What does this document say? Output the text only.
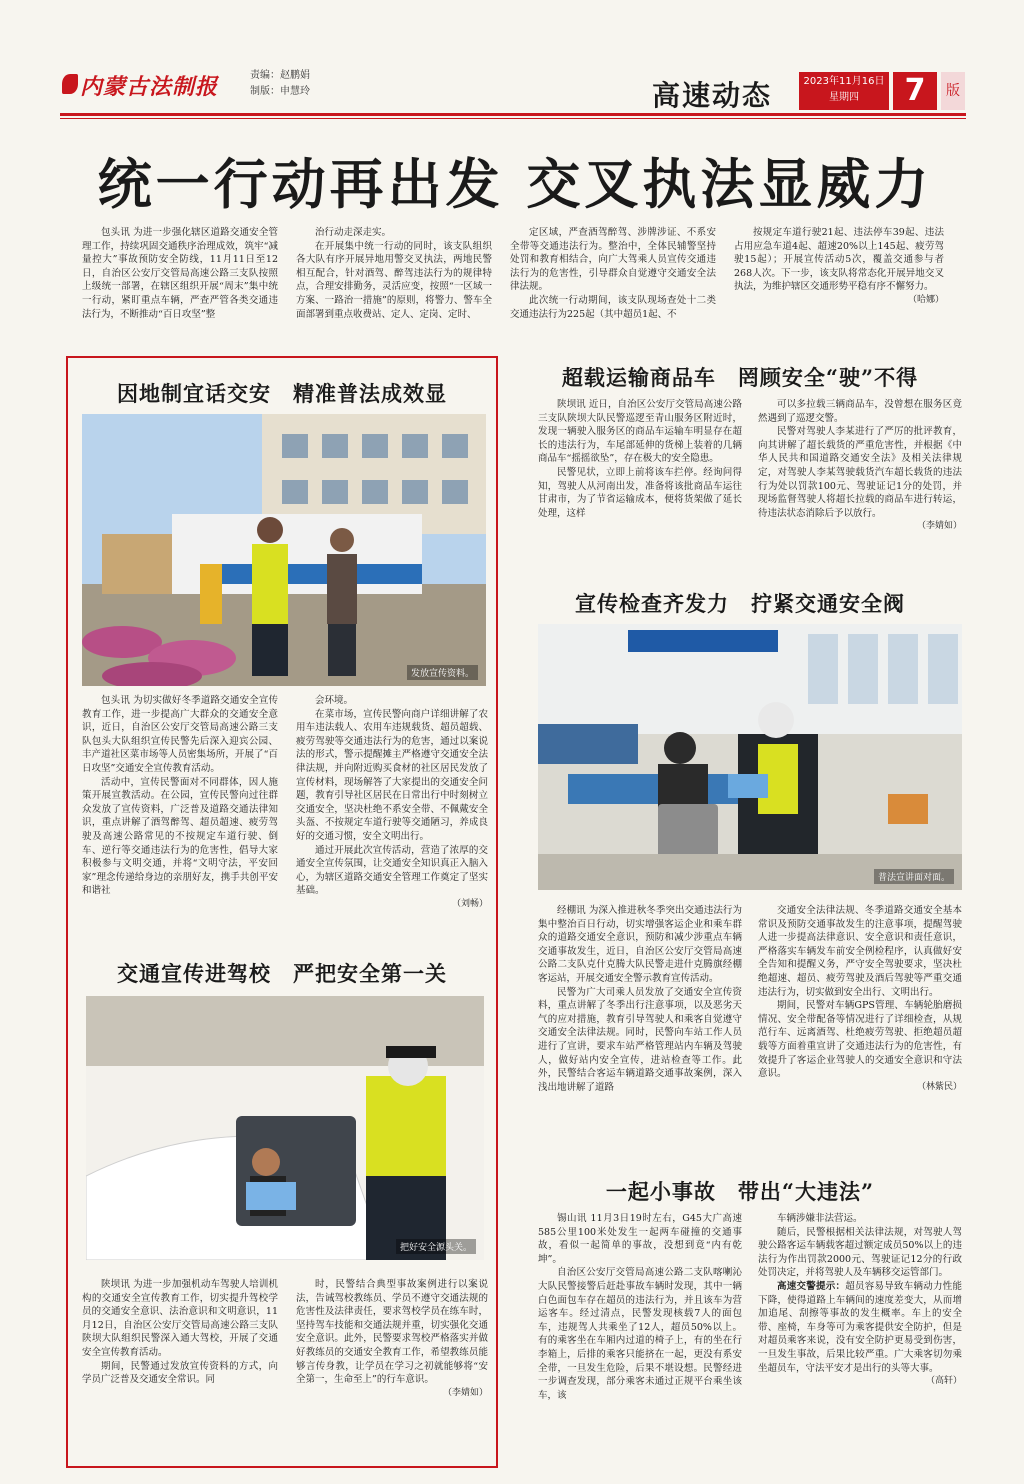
内蒙古法制报	责编：赵鹏娟
制版：申慧玲	高速动态	2023年11月16日
星期四	7	版
统一行动再出发 交叉执法显威力

包头讯 为进一步强化辖区道路交通安全管理工作，持续巩固交通秩序治理成效，筑牢“减量控大”事故预防安全防线，11月11日至12日，自治区公安厅交管局高速公路三支队按照上级统一部署，在辖区组织开展“周末”集中统一行动，紧盯重点车辆，严查严管各类交通违法行为，不断推动“百日攻坚”整

治行动走深走实。
在开展集中统一行动的同时，该支队组织各大队有序开展异地用警交叉执法，两地民警相互配合，针对酒驾、醉驾违法行为的规律特点，合理安排勤务，灵活应变，按照“一区域一方案、一路治一措施”的原则，将警力、警车全面部署到重点收费站、定人、定岗、定时、

定区域，严查酒驾醉驾、涉牌涉证、不系安全带等交通违法行为。整治中，全体民辅警坚持处罚和教育相结合，向广大驾乘人员宣传交通违法行为的危害性，引导群众自觉遵守交通安全法律法规。
此次统一行动期间，该支队现场查处十二类交通违法行为225起（其中超员1起、不

按规定车道行驶21起、违法停车39起、违法占用应急车道4起、超速20%以上145起、疲劳驾驶15起）；开展宣传活动5次，覆盖交通参与者268人次。下一步，该支队将常态化开展异地交叉执法，为维护辖区交通形势平稳有序不懈努力。

（哈娜）
因地制宜话交安　精准普法成效显
发放宣传资料。

包头讯 为切实做好冬季道路交通安全宣传教育工作，进一步提高广大群众的交通安全意识，近日，自治区公安厅交管局高速公路三支队包头大队组织宣传民警先后深入迎宾公园、丰产道社区菜市场等人员密集场所，开展了“百日攻坚”交通安全宣传教育活动。
活动中，宣传民警面对不同群体，因人施策开展宣教活动。在公园，宣传民警向过往群众发放了宣传资料，广泛普及道路交通法律知识，重点讲解了酒驾醉驾、超员超速、疲劳驾驶及高速公路常见的不按规定车道行驶、倒车、逆行等交通违法行为的危害性，倡导大家积极参与文明交通，并将“文明守法，平安回家”理念传递给身边的亲朋好友，携手共创平安和谐社

会环境。
在菜市场，宣传民警向商户详细讲解了农用车违法载人、农用车违规载货、超员超载、疲劳驾驶等交通违法行为的危害，通过以案说法的形式，警示提醒摊主严格遵守交通安全法律法规，并向附近购买食材的社区居民发放了宣传材料，现场解答了大家提出的交通安全问题，教育引导社区居民在日常出行中时刻树立交通安全，坚决杜绝不系安全带、不佩戴安全头盔、不按规定车道行驶等交通陋习，养成良好的交通习惯，安全文明出行。
通过开展此次宣传活动，营造了浓厚的交通安全宣传氛围，让交通安全知识真正入脑入心，为辖区道路交通安全管理工作奠定了坚实基础。

（刘畅）
交通宣传进驾校　严把安全第一关
把好安全源头关。

陕坝讯 为进一步加强机动车驾驶人培训机构的交通安全宣传教育工作，切实提升驾校学员的交通安全意识、法治意识和文明意识，11月12日，自治区公安厅交管局高速公路三支队陕坝大队组织民警深入通大驾校，开展了交通安全宣传教育活动。
期间，民警通过发放宣传资料的方式，向学员广泛普及交通安全常识。同

时，民警结合典型事故案例进行以案说法，告诫驾校教练员、学员不遵守交通法规的危害性及法律责任，要求驾校学员在练车时，坚持驾车技能和交通法规并重，切实强化交通安全意识。此外，民警要求驾校严格落实并做好教练员的交通安全教育工作，希望教练员能够言传身教，让学员在学习之初就能够将“安全第一，生命至上”的行车意识。

（李婧如）
超载运输商品车　罔顾安全“驶”不得

陕坝讯 近日，自治区公安厅交管局高速公路三支队陕坝大队民警巡逻至青山服务区附近时，发现一辆驶入服务区的商品车运输车明显存在超长的违法行为，车尾部延伸的货梯上装着的几辆商品车“摇摇欲坠”，存在极大的安全隐患。
民警见状，立即上前将该车拦停。经询问得知，驾驶人从河南出发，准备将该批商品车运往甘肃市，为了节省运输成本，便将货架做了延长处理，这样

可以多拉载三辆商品车，没曾想在服务区竟然遇到了巡逻交警。
民警对驾驶人李某进行了严厉的批评教育，向其讲解了超长载货的严重危害性，并根据《中华人民共和国道路交通安全法》及相关法律规定，对驾驶人李某驾驶载货汽车超长载货的违法行为处以罚款100元、驾驶证记1分的处罚，并现场监督驾驶人将超长拉载的商品车进行转运，待违法状态消除后予以放行。

（李婧如）
宣传检查齐发力　拧紧交通安全阀
普法宣讲面对面。

经棚讯 为深入推进秋冬季突出交通违法行为集中整治百日行动，切实增强客运企业和乘车群众的道路交通安全意识，预防和减少涉重点车辆交通事故发生，近日，自治区公安厅交管局高速公路二支队克什克腾大队民警走进什克腾旗经棚客运站，开展交通安全警示教育宣传活动。
民警为广大司乘人员发放了交通安全宣传资料，重点讲解了冬季出行注意事项，以及恶劣天气的应对措施，教育引导驾驶人和乘客自觉遵守交通安全法律法规。同时，民警向车站工作人员进行了宣讲，要求车站严格管理站内车辆及驾驶人，做好站内安全宣传，进站检查等工作。此外，民警结合客运车辆道路交通事故案例，深入浅出地讲解了道路

交通安全法律法规、冬季道路交通安全基本常识及预防交通事故发生的注意事项，提醒驾驶人进一步提高法律意识、安全意识和责任意识，严格落实车辆发车前安全例检程序，认真做好安全告知和提醒义务，严守安全驾驶要求，坚决杜绝超速、超员、疲劳驾驶及酒后驾驶等严重交通违法行为，切实做到安全出行、文明出行。
期间，民警对车辆GPS管理、车辆轮胎磨损情况、安全带配备等情况进行了详细检查，从规范行车、远离酒驾、杜绝疲劳驾驶、拒绝超员超载等方面着重宣讲了交通违法行为的危害性，有效提升了客运企业驾驶人的交通安全意识和守法意识。

（林紫民）
一起小事故　带出“大违法”

锡山讯 11月3日19时左右，G45大广高速585公里100米处发生一起两车碰撞的交通事故，看似一起简单的事故，没想到竟“内有乾坤”。
自治区公安厅交管局高速公路二支队喀喇沁大队民警接警后赶赴事故车辆时发现，其中一辆白色面包车存在超员的违法行为，并且该车为营运客车。经过清点，民警发现核载7人的面包车，违规驾人共乘坐了12人，超员50%以上。有的乘客坐在车厢内过道的椅子上，有的坐在行李箱上，后排的乘客只能挤在一起，更没有系安全带，一旦发生危险，后果不堪设想。民警经进一步调查发现，部分乘客未通过正规平台乘坐该车，该

车辆涉嫌非法营运。
随后，民警根据相关法律法规，对驾驶人驾驶公路客运车辆载客超过额定成员50%以上的违法行为作出罚款2000元、驾驶证记12分的行政处罚决定，并将驾驶人及车辆移交运管部门。

高速交警提示：超员容易导致车辆动力性能下降，使得道路上车辆间的速度差变大，从而增加追尾、刮擦等事故的发生概率。车上的安全带、座椅，车身等可为乘客提供安全防护，但是对超员乘客来说，没有安全防护更易受到伤害，一旦发生事故，后果比较严重。广大乘客切勿乘坐超员车，守法平安才是出行的头等大事。

（高轩）
